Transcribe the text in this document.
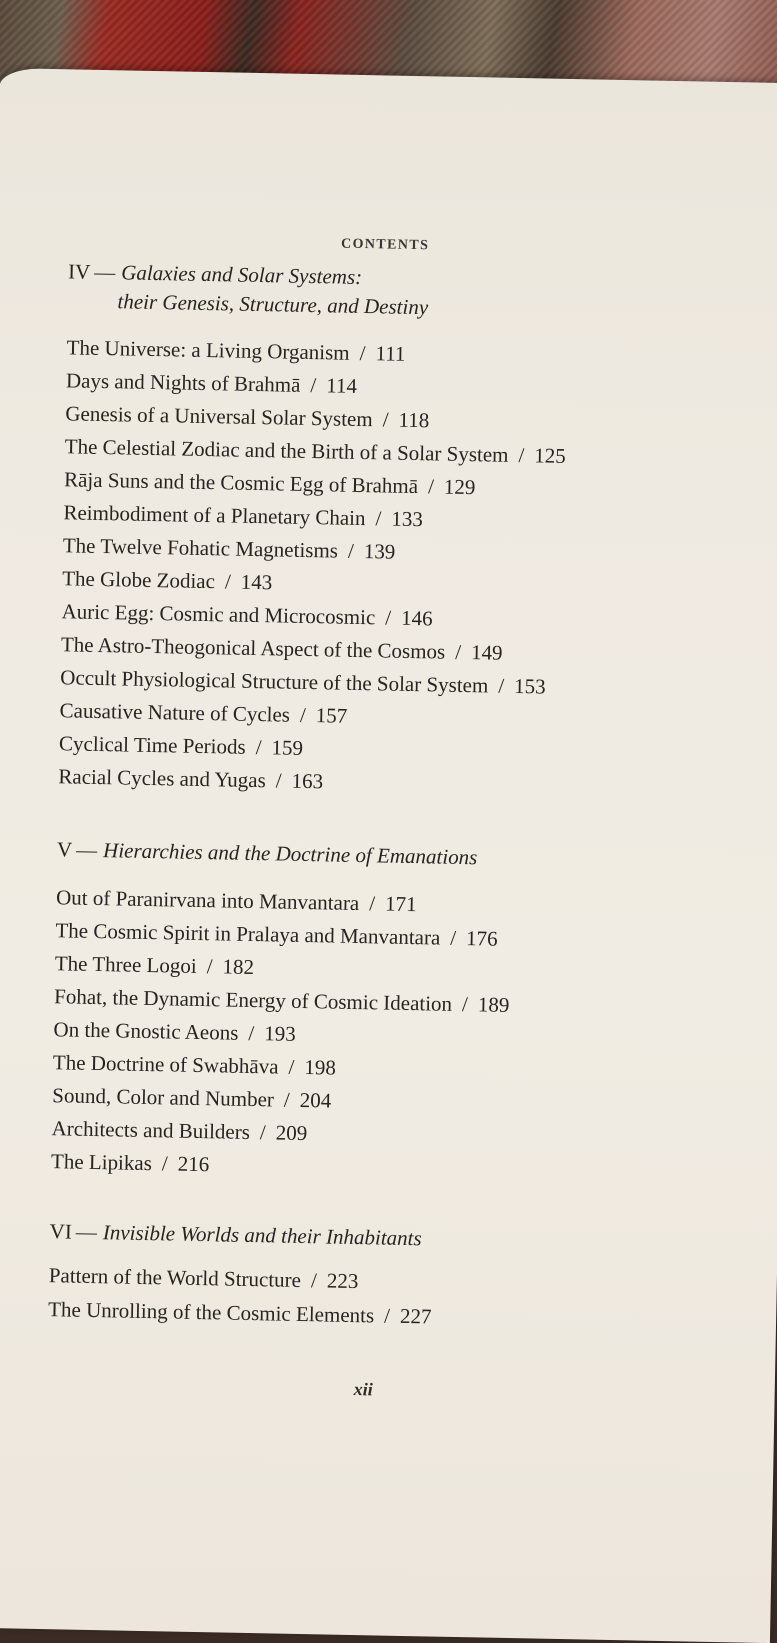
CONTENTS
IV — Galaxies and Solar Systems:
their Genesis, Structure, and Destiny
The Universe: a Living Organism / 111
Days and Nights of Brahmā / 114
Genesis of a Universal Solar System / 118
The Celestial Zodiac and the Birth of a Solar System / 125
Rāja Suns and the Cosmic Egg of Brahmā / 129
Reimbodiment of a Planetary Chain / 133
The Twelve Fohatic Magnetisms / 139
The Globe Zodiac / 143
Auric Egg: Cosmic and Microcosmic / 146
The Astro-Theogonical Aspect of the Cosmos / 149
Occult Physiological Structure of the Solar System / 153
Causative Nature of Cycles / 157
Cyclical Time Periods / 159
Racial Cycles and Yugas / 163
V — Hierarchies and the Doctrine of Emanations
Out of Paranirvana into Manvantara / 171
The Cosmic Spirit in Pralaya and Manvantara / 176
The Three Logoi / 182
Fohat, the Dynamic Energy of Cosmic Ideation / 189
On the Gnostic Aeons / 193
The Doctrine of Swabhāva / 198
Sound, Color and Number / 204
Architects and Builders / 209
The Lipikas / 216
VI — Invisible Worlds and their Inhabitants
Pattern of the World Structure / 223
The Unrolling of the Cosmic Elements / 227
xii
